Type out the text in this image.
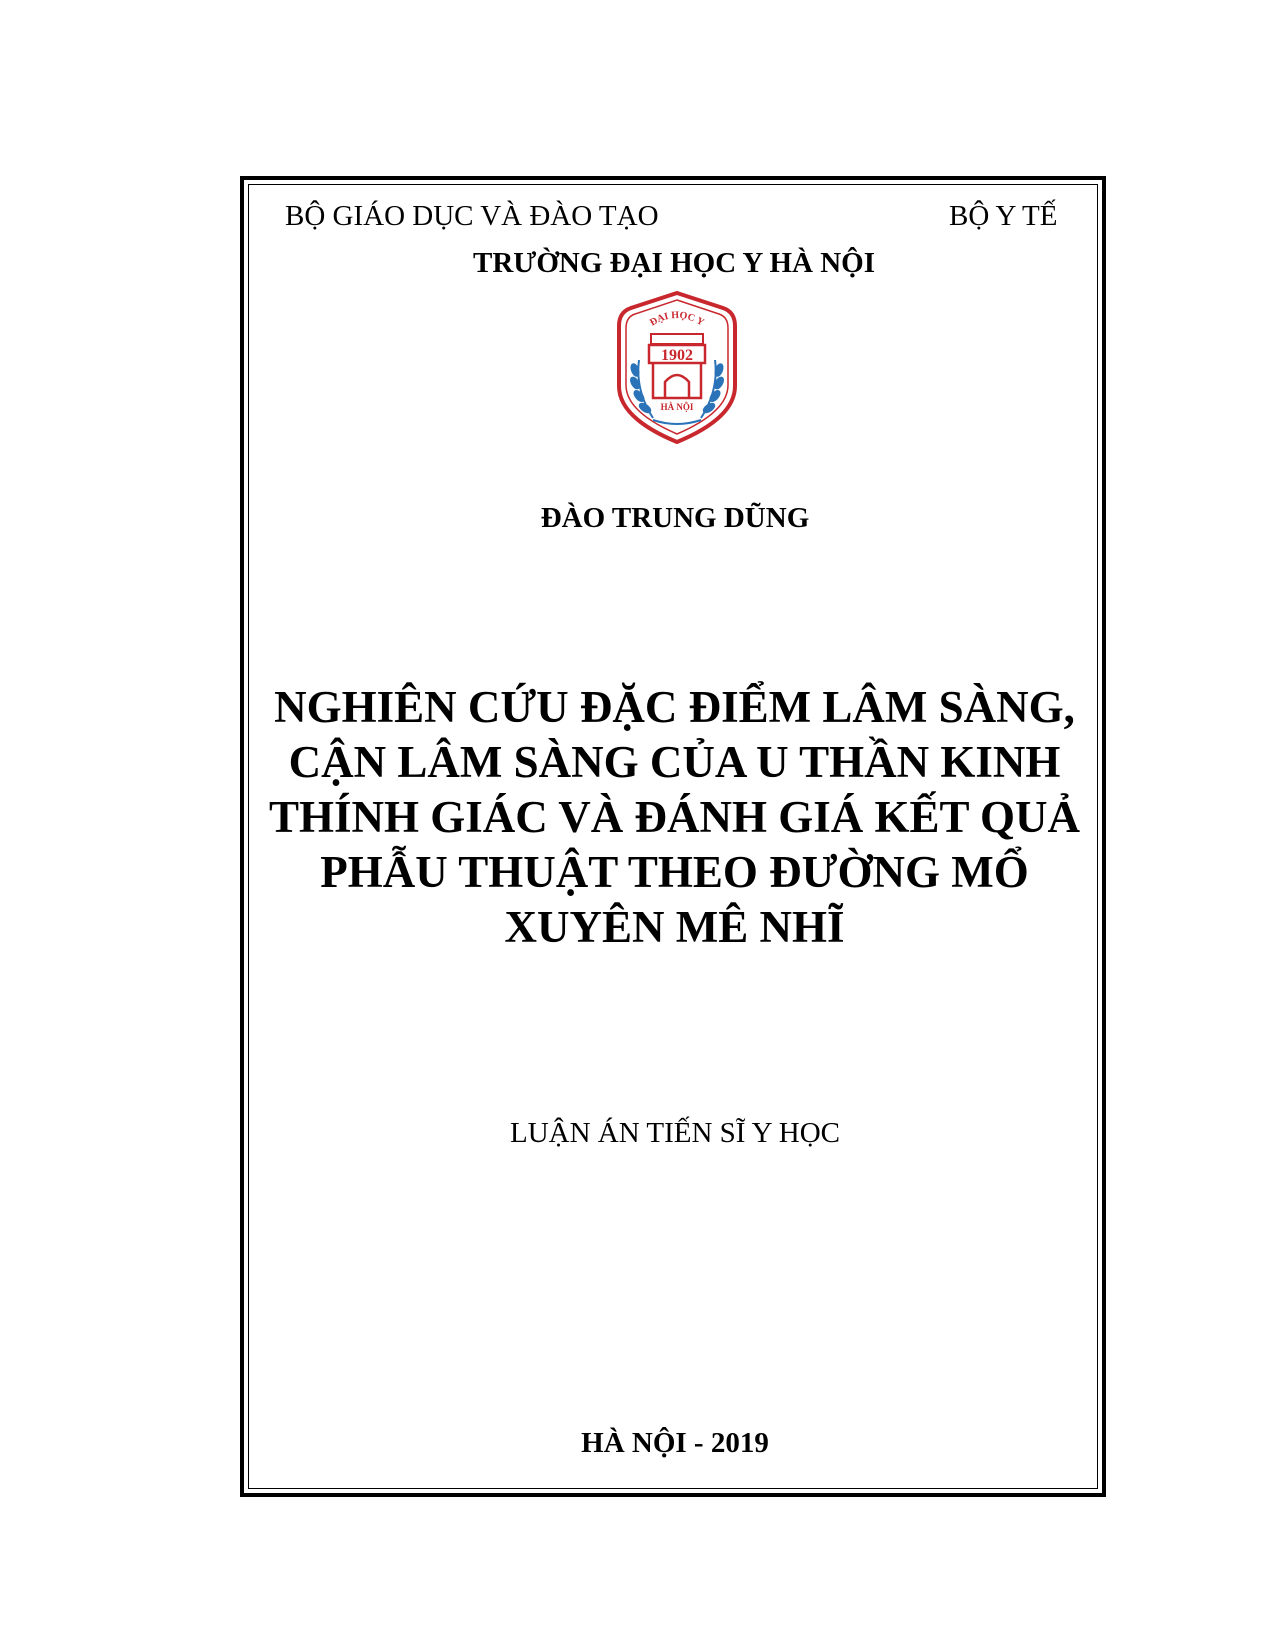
BỘ GIÁO DỤC VÀ ĐÀO TẠO	BỘ Y TẾ
TRƯỜNG ĐẠI HỌC Y HÀ NỘI
ĐẠI HỌC Y
1902
HÀ NỘI
ĐÀO TRUNG DŨNG
NGHIÊN CỨU ĐẶC ĐIỂM LÂM SÀNG,
CẬN LÂM SÀNG CỦA U THẦN KINH
THÍNH GIÁC VÀ ĐÁNH GIÁ KẾT QUẢ
PHẪU THUẬT THEO ĐƯỜNG MỔ
XUYÊN MÊ NHĨ
LUẬN ÁN TIẾN SĨ Y HỌC
HÀ NỘI - 2019
